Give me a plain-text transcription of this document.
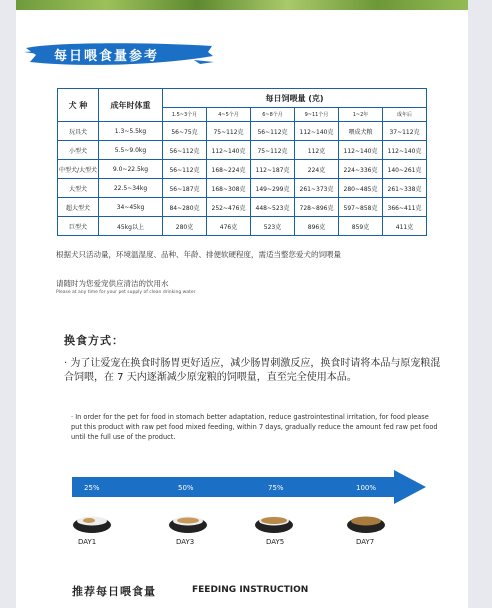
每日喂食量参考
犬 种	成年时体重	每日饲喂量 (克)					
		1.5~3个月	4~5个月	6~8个月	9~11个月	1~2年	成年后
玩具犬	1.3~5.5kg	56~75克	75~112克	56~112克	112~140克	喂成犬粮	37~112克
小型犬	5.5~9.0kg	56~112克	112~140克	75~112克	112克	112~140克	112~140克
中型犬/大型犬	9.0~22.5kg	56~112克	168~224克	112~187克	224克	224~336克	140~261克
大型犬	22.5~34kg	56~187克	168~308克	149~299克	261~373克	280~485克	261~338克
超大型犬	34~45kg	84~280克	252~476克	448~523克	728~896克	597~858克	366~411克
巨型犬	45kg以上	280克	476克	523克	896克	859克	411克

根据犬只活动量，环境温湿度、品种、年龄、排便软硬程度，需适当整您爱犬的饲喂量

请随时为您爱宠供应清洁的饮用水

Please at any time for your pet supply of clean drinking water

换食方式：

· 为了让爱宠在换食时肠胃更好适应，减少肠胃刺激反应，换食时请将本品与原宠粮混合饲喂，在 7 天内逐渐减少原宠粮的饲喂量，直至完全使用本品。

· In order for the pet for food in stomach better adaptation, reduce gastrointestinal irritation, for food please put this product with raw pet food mixed feeding, within 7 days, gradually reduce the amount fed raw pet food until the full use of the product.

25%	50%	75%	100%
DAY1	DAY3	DAY5	DAY7
推荐每日喂食量	FEEDING INSTRUCTION
